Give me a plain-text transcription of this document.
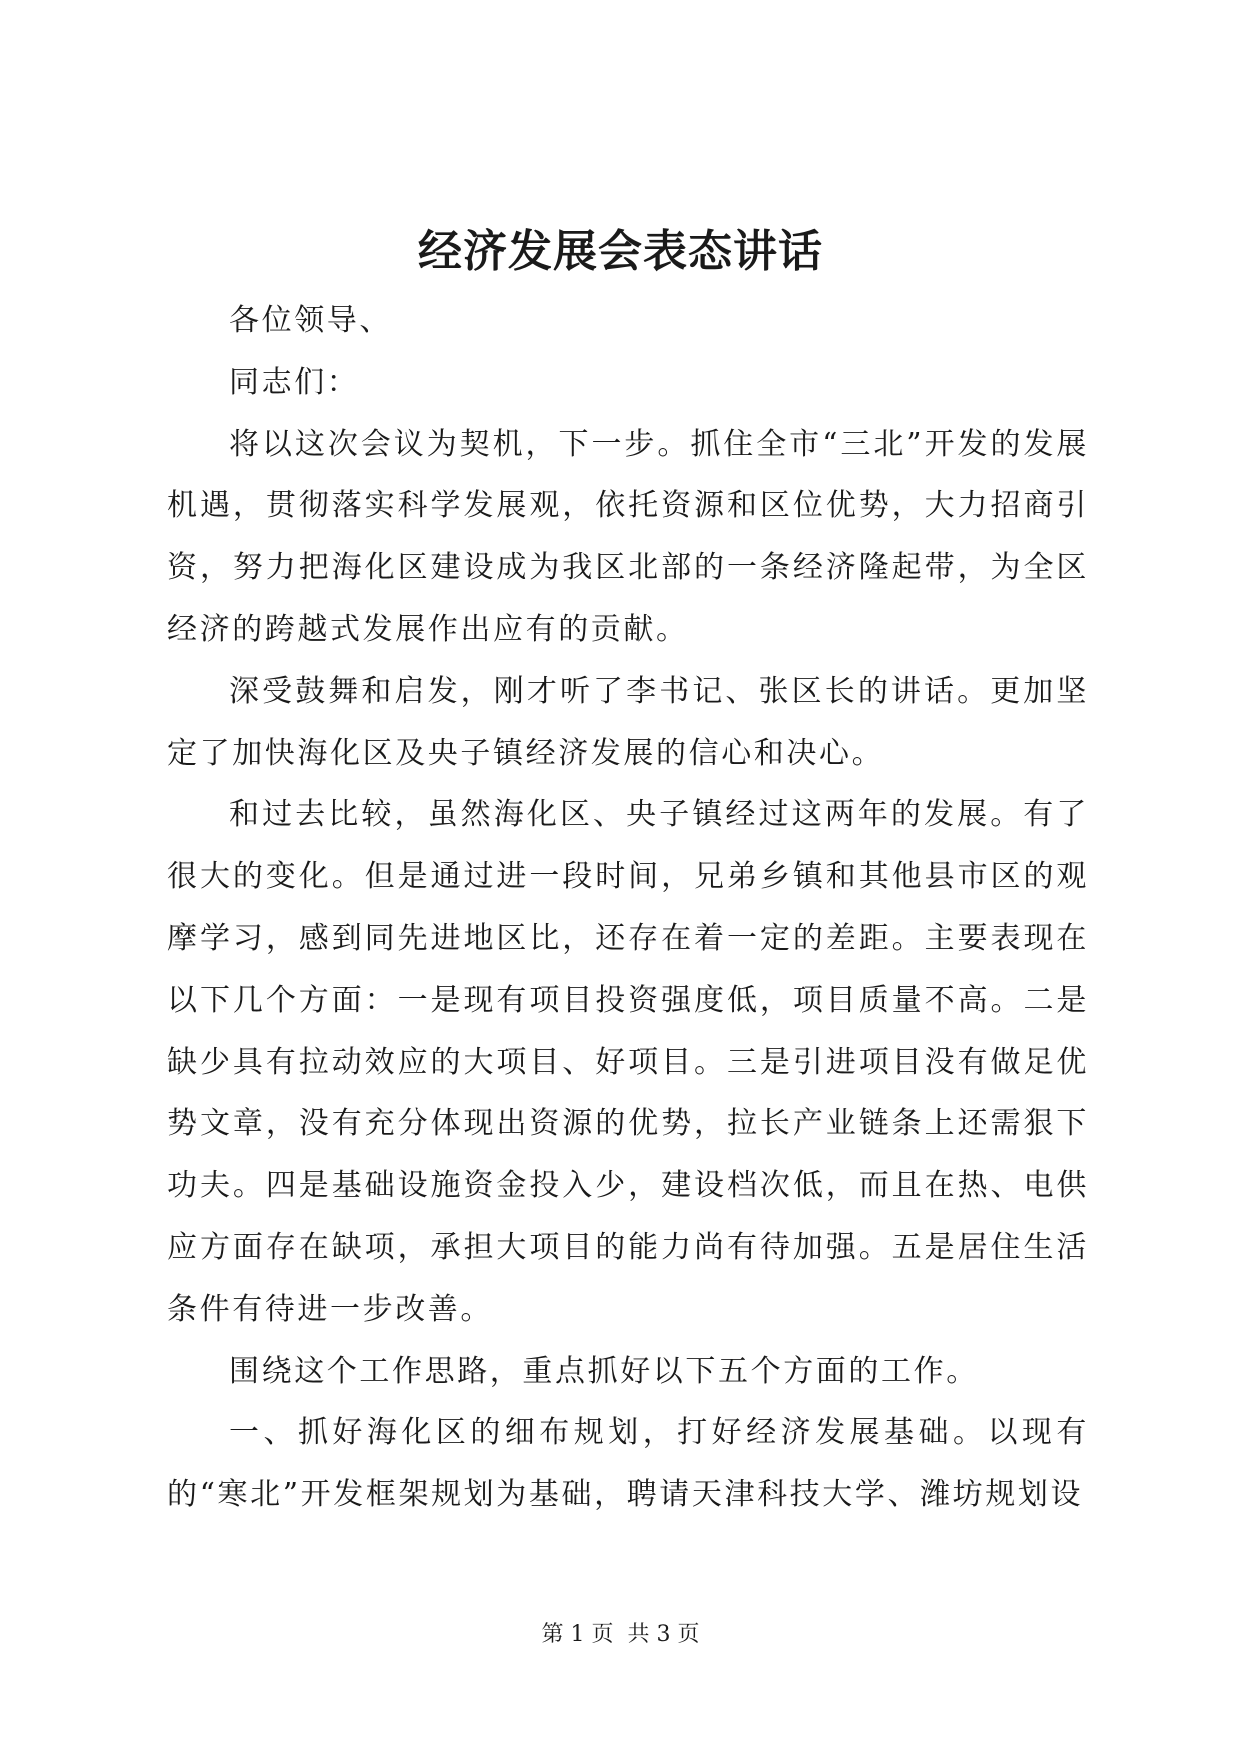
经济发展会表态讲话

各位领导、

同志们：

将以这次会议为契机，下一步。抓住全市“三北”开发的发展机遇，贯彻落实科学发展观，依托资源和区位优势，大力招商引资，努力把海化区建设成为我区北部的一条经济隆起带，为全区经济的跨越式发展作出应有的贡献。

深受鼓舞和启发，刚才听了李书记、张区长的讲话。更加坚定了加快海化区及央子镇经济发展的信心和决心。

和过去比较，虽然海化区、央子镇经过这两年的发展。有了很大的变化。但是通过进一段时间，兄弟乡镇和其他县市区的观摩学习，感到同先进地区比，还存在着一定的差距。主要表现在以下几个方面：一是现有项目投资强度低，项目质量不高。二是缺少具有拉动效应的大项目、好项目。三是引进项目没有做足优势文章，没有充分体现出资源的优势，拉长产业链条上还需狠下功夫。四是基础设施资金投入少，建设档次低，而且在热、电供应方面存在缺项，承担大项目的能力尚有待加强。五是居住生活条件有待进一步改善。

围绕这个工作思路，重点抓好以下五个方面的工作。

一、抓好海化区的细布规划，打好经济发展基础。以现有的“寒北”开发框架规划为基础，聘请天津科技大学、潍坊规划设

第 1 页  共 3 页
